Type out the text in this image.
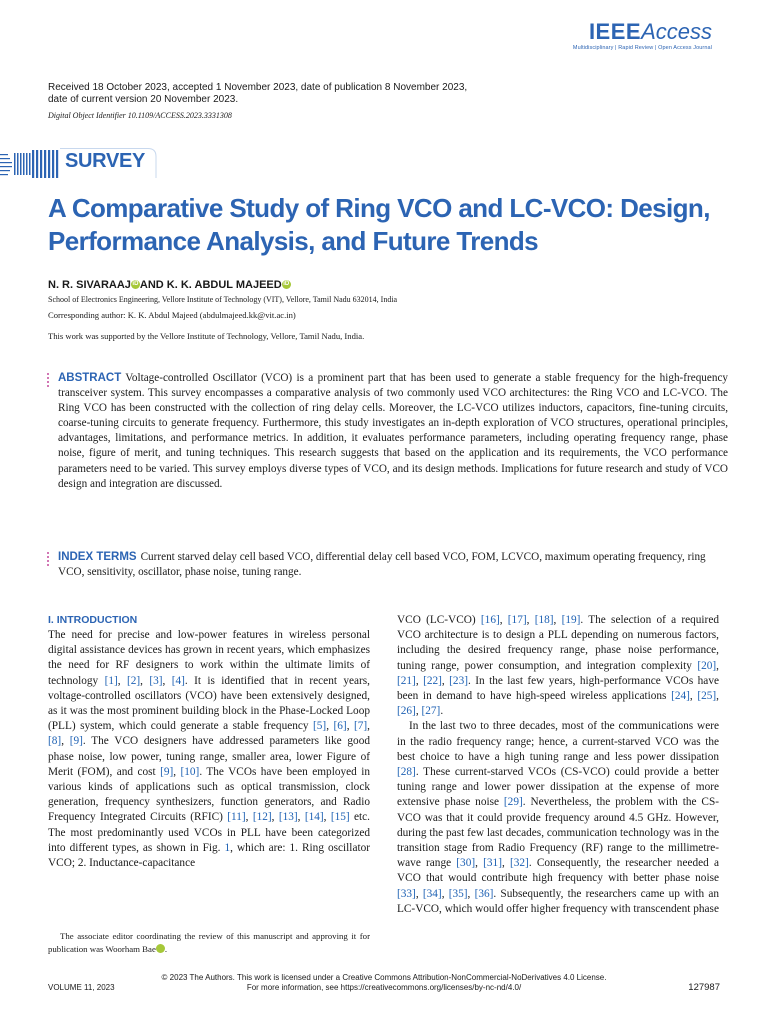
IEEEAccess
Multidisciplinary | Rapid Review | Open Access Journal
Received 18 October 2023, accepted 1 November 2023, date of publication 8 November 2023, date of current version 20 November 2023.
Digital Object Identifier 10.1109/ACCESS.2023.3331308
SURVEY
A Comparative Study of Ring VCO and LC-VCO: Design, Performance Analysis, and Future Trends
N. R. SIVARAAJ iD AND K. K. ABDUL MAJEED iD
School of Electronics Engineering, Vellore Institute of Technology (VIT), Vellore, Tamil Nadu 632014, India
Corresponding author: K. K. Abdul Majeed (abdulmajeed.kk@vit.ac.in)
This work was supported by the Vellore Institute of Technology, Vellore, Tamil Nadu, India.
ABSTRACT Voltage-controlled Oscillator (VCO) is a prominent part that has been used to generate a stable frequency for the high-frequency transceiver system. This survey encompasses a comparative analysis of two commonly used VCO architectures: the Ring VCO and LC-VCO. The Ring VCO has been constructed with the collection of ring delay cells. Moreover, the LC-VCO utilizes inductors, capacitors, fine-tuning circuits, coarse-tuning circuits to generate frequency. Furthermore, this study investigates an in-depth exploration of VCO structures, operational principles, advantages, limitations, and performance metrics. In addition, it evaluates performance parameters, including operating frequency range, phase noise, figure of merit, and tuning techniques. This research suggests that based on the application and its requirements, the VCO performance parameters need to be varied. This survey employs diverse types of VCO, and its design methods. Implications for future research and study of VCO design and integration are discussed.
INDEX TERMS Current starved delay cell based VCO, differential delay cell based VCO, FOM, LCVCO, maximum operating frequency, ring VCO, sensitivity, oscillator, phase noise, tuning range.
I. INTRODUCTION

The need for precise and low-power features in wireless personal digital assistance devices has grown in recent years, which emphasizes the need for RF designers to work within the ultimate limits of technology [1], [2], [3], [4]. It is identified that in recent years, voltage-controlled oscillators (VCO) have been extensively designed, as it was the most prominent building block in the Phase-Locked Loop (PLL) system, which could generate a stable frequency [5], [6], [7], [8], [9]. The VCO designers have addressed parameters like good phase noise, low power, tuning range, smaller area, lower Figure of Merit (FOM), and cost [9], [10]. The VCOs have been employed in various kinds of applications such as optical transmission, clock generation, frequency synthesizers, function generators, and Radio Frequency Integrated Circuits (RFIC) [11], [12], [13], [14], [15] etc. The most predominantly used VCOs in PLL have been categorized into different types, as shown in Fig. 1, which are: 1. Ring oscillator VCO; 2. Inductance-capacitance

The associate editor coordinating the review of this manuscript and approving it for publication was Woorham Bae iD.

VCO (LC-VCO) [16], [17], [18], [19]. The selection of a required VCO architecture is to design a PLL depending on numerous factors, including the desired frequency range, phase noise performance, tuning range, power consumption, and integration complexity [20], [21], [22], [23]. In the last few years, high-performance VCOs have been in demand to have high-speed wireless applications [24], [25], [26], [27].

In the last two to three decades, most of the communications were in the radio frequency range; hence, a current-starved VCO was the best choice to have a high tuning range and less power dissipation [28]. These current-starved VCOs (CS-VCO) could provide a better tuning range and lower power dissipation at the expense of more extensive phase noise [29]. Nevertheless, the problem with the CS-VCO was that it could provide frequency around 4.5 GHz. However, during the past few last decades, communication technology was in the transition stage from Radio Frequency (RF) range to the millimetre-wave range [30], [31], [32]. Consequently, the researcher needed a VCO that would contribute high frequency with better phase noise [33], [34], [35], [36]. Subsequently, the researchers came up with an LC-VCO, which would offer higher frequency with transcendent phase

© 2023 The Authors. This work is licensed under a Creative Commons Attribution-NonCommercial-NoDerivatives 4.0 License.
For more information, see https://creativecommons.org/licenses/by-nc-nd/4.0/
VOLUME 11, 2023	127987
